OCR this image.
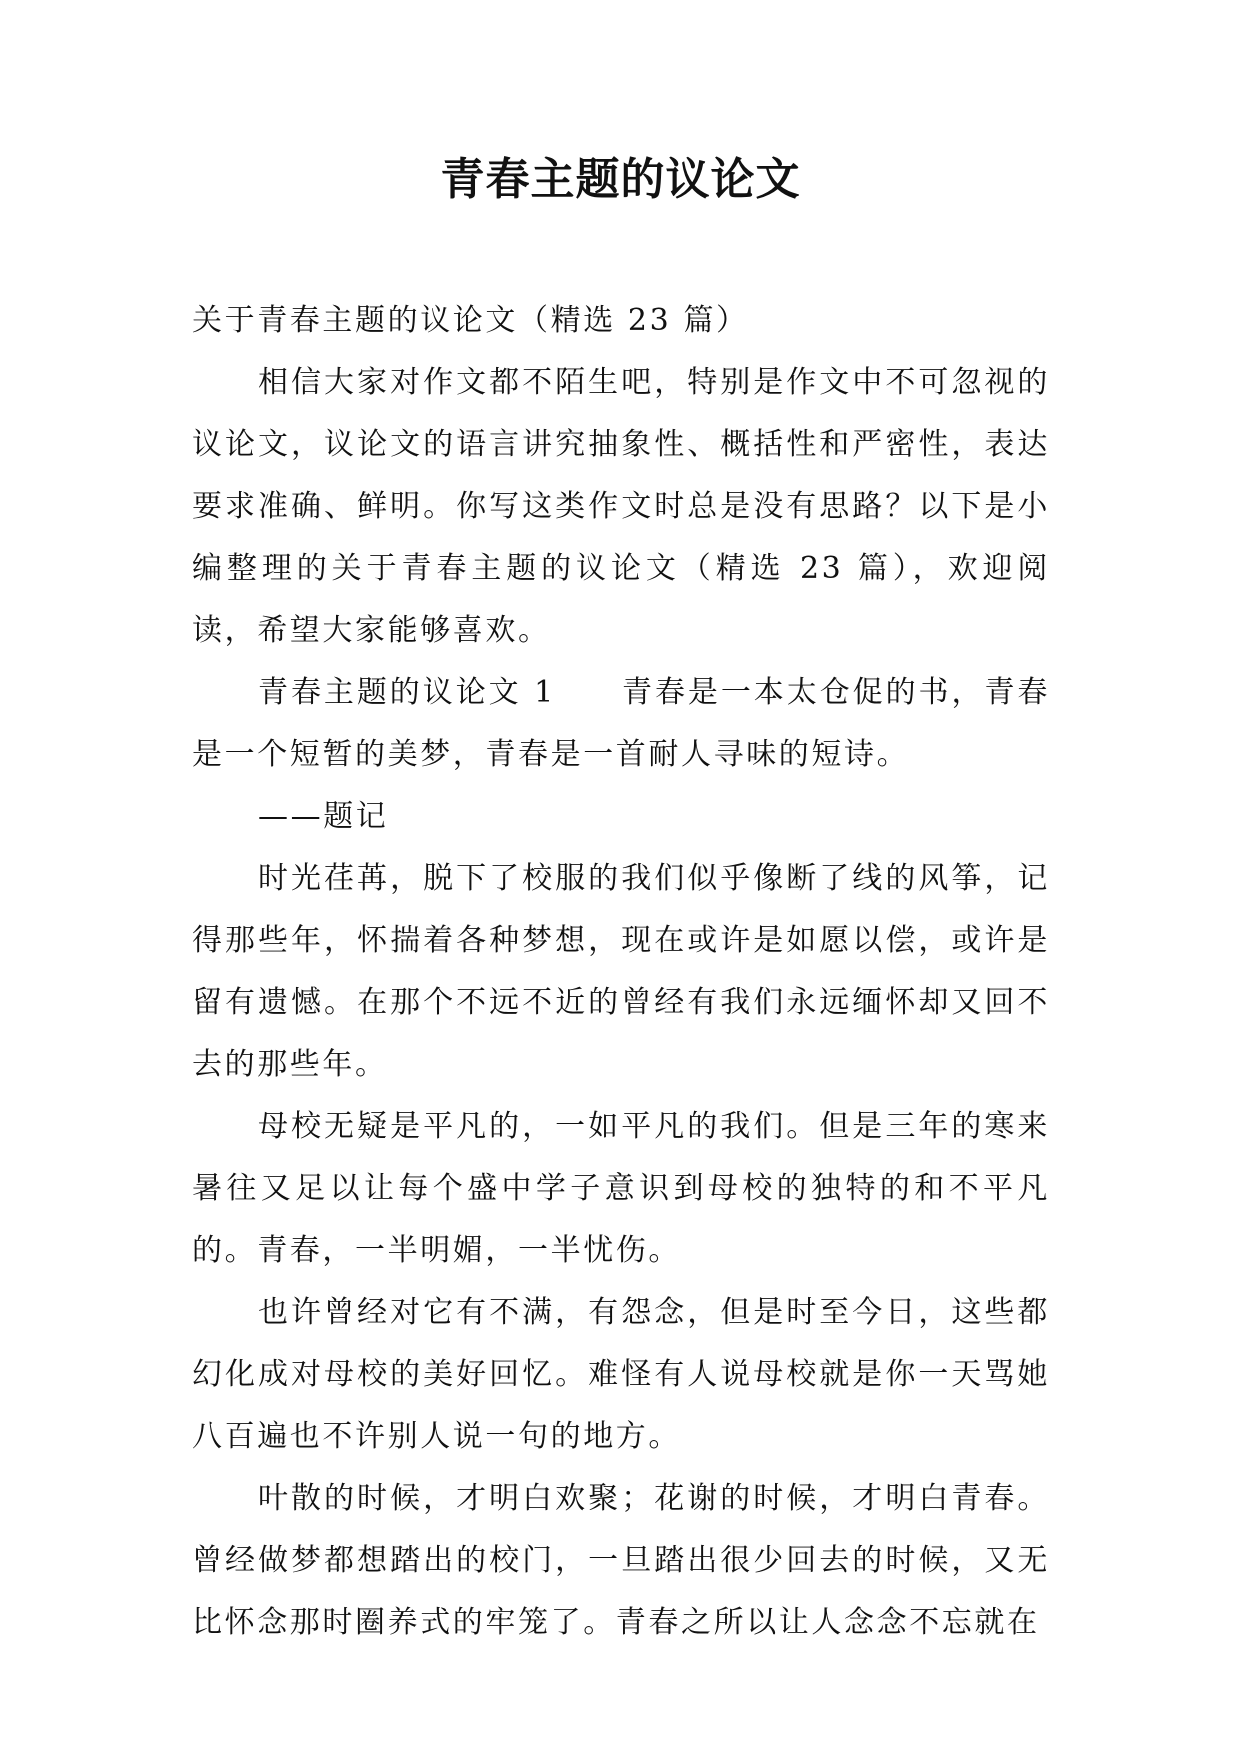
青春主题的议论文

关于青春主题的议论文（精选 23 篇）

相信大家对作文都不陌生吧，特别是作文中不可忽视的议论文，议论文的语言讲究抽象性、概括性和严密性，表达要求准确、鲜明。你写这类作文时总是没有思路？以下是小编整理的关于青春主题的议论文（精选 23 篇），欢迎阅读，希望大家能够喜欢。

青春主题的议论文 1　　青春是一本太仓促的书，青春是一个短暂的美梦，青春是一首耐人寻味的短诗。

——题记

时光荏苒，脱下了校服的我们似乎像断了线的风筝，记得那些年，怀揣着各种梦想，现在或许是如愿以偿，或许是留有遗憾。在那个不远不近的曾经有我们永远缅怀却又回不去的那些年。

母校无疑是平凡的，一如平凡的我们。但是三年的寒来暑往又足以让每个盛中学子意识到母校的独特的和不平凡的。青春，一半明媚，一半忧伤。

也许曾经对它有不满，有怨念，但是时至今日，这些都幻化成对母校的美好回忆。难怪有人说母校就是你一天骂她八百遍也不许别人说一句的地方。

叶散的时候，才明白欢聚；花谢的时候，才明白青春。曾经做梦都想踏出的校门，一旦踏出很少回去的时候，又无比怀念那时圈养式的牢笼了。青春之所以让人念念不忘就在
